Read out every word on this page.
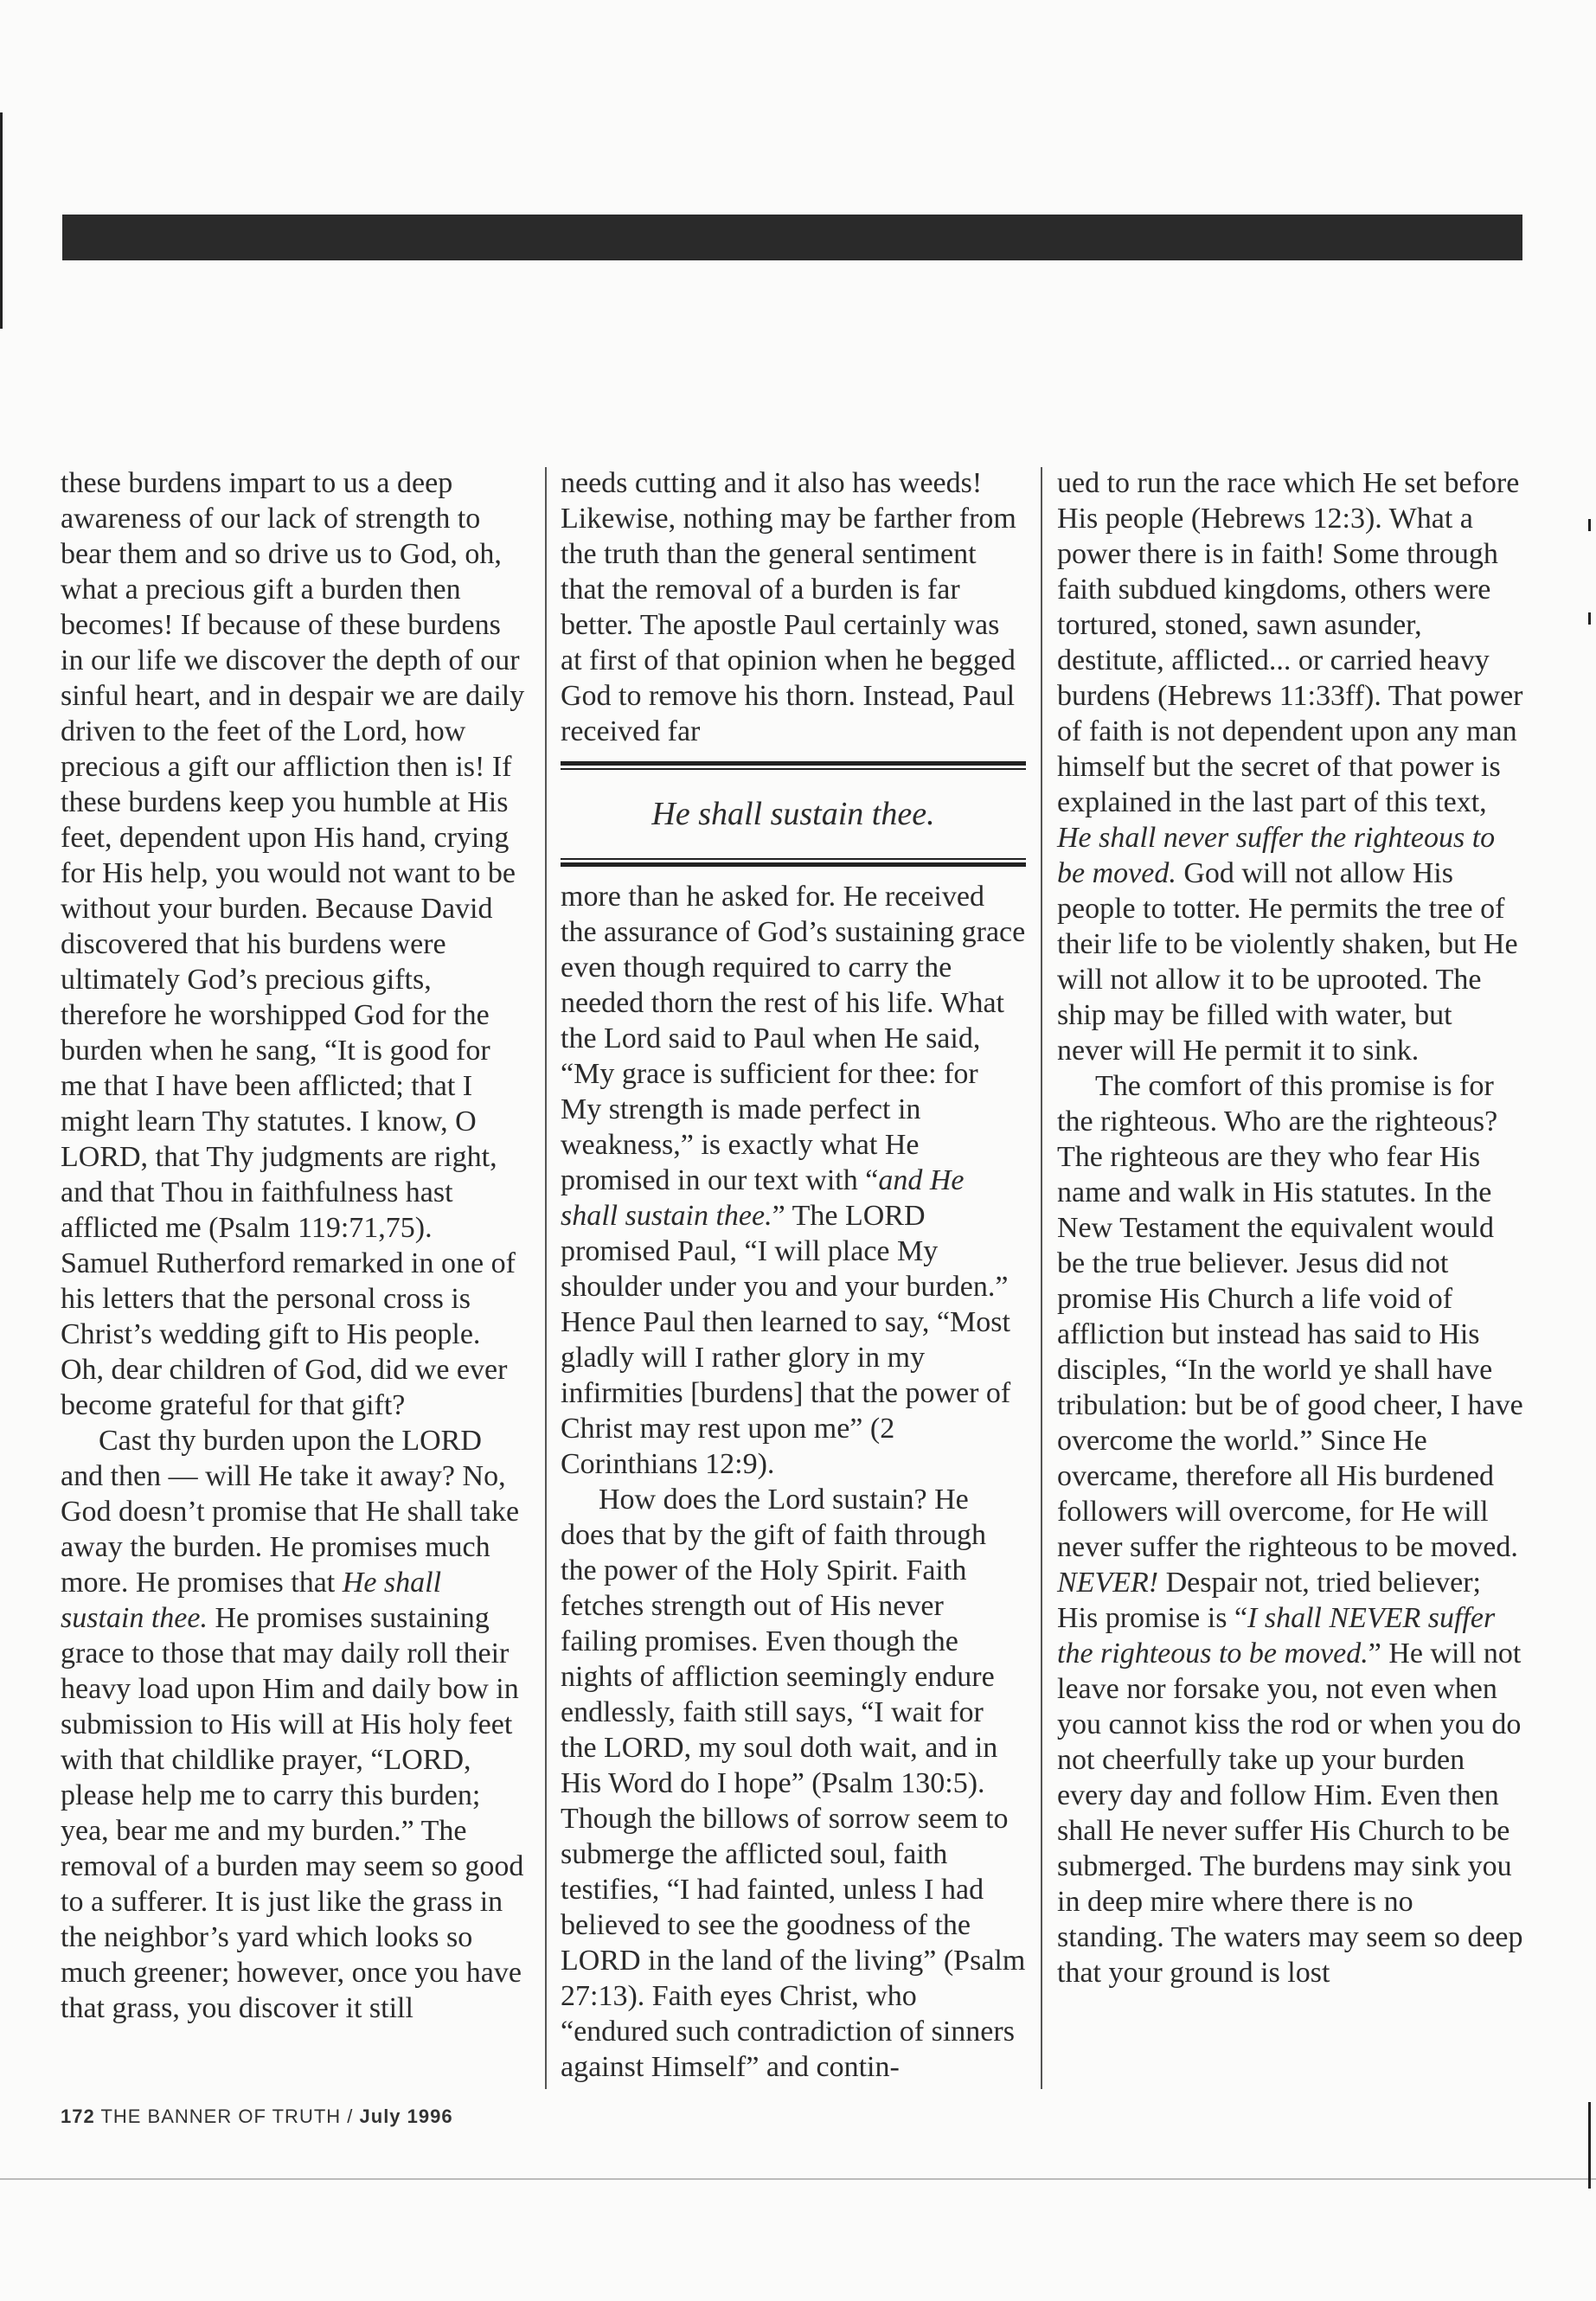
these burdens impart to us a deep awareness of our lack of strength to bear them and so drive us to God, oh, what a precious gift a burden then becomes! If because of these burdens in our life we discover the depth of our sinful heart, and in despair we are daily driven to the feet of the Lord, how precious a gift our affliction then is! If these burdens keep you humble at His feet, dependent upon His hand, crying for His help, you would not want to be without your burden. Because David discovered that his burdens were ultimately God’s precious gifts, therefore he worshipped God for the burden when he sang, “It is good for me that I have been afflicted; that I might learn Thy statutes. I know, O LORD, that Thy judgments are right, and that Thou in faithfulness hast afflicted me (Psalm 119:71,75). Samuel Rutherford remarked in one of his letters that the personal cross is Christ’s wedding gift to His people. Oh, dear children of God, did we ever become grateful for that gift?

Cast thy burden upon the LORD and then — will He take it away? No, God doesn’t promise that He shall take away the burden. He promises much more. He promises that He shall sustain thee. He promises sustaining grace to those that may daily roll their heavy load upon Him and daily bow in submission to His will at His holy feet with that childlike prayer, “LORD, please help me to carry this burden; yea, bear me and my burden.” The removal of a burden may seem so good to a sufferer. It is just like the grass in the neighbor’s yard which looks so much greener; however, once you have that grass, you discover it still

needs cutting and it also has weeds! Likewise, nothing may be farther from the truth than the general sentiment that the removal of a burden is far better. The apostle Paul certainly was at first of that opinion when he begged God to remove his thorn. Instead, Paul received far

He shall sustain thee.

more than he asked for. He received the assurance of God’s sustaining grace even though required to carry the needed thorn the rest of his life. What the Lord said to Paul when He said, “My grace is sufficient for thee: for My strength is made perfect in weakness,” is exactly what He promised in our text with “and He shall sustain thee.” The LORD promised Paul, “I will place My shoulder under you and your burden.” Hence Paul then learned to say, “Most gladly will I rather glory in my infirmities [burdens] that the power of Christ may rest upon me” (2 Corinthians 12:9).

How does the Lord sustain? He does that by the gift of faith through the power of the Holy Spirit. Faith fetches strength out of His never failing promises. Even though the nights of affliction seemingly endure endlessly, faith still says, “I wait for the LORD, my soul doth wait, and in His Word do I hope” (Psalm 130:5). Though the billows of sorrow seem to submerge the afflicted soul, faith testifies, “I had fainted, unless I had believed to see the goodness of the LORD in the land of the living” (Psalm 27:13). Faith eyes Christ, who “endured such contradiction of sinners against Himself” and contin-

ued to run the race which He set before His people (Hebrews 12:3). What a power there is in faith! Some through faith subdued kingdoms, others were tortured, stoned, sawn asunder, destitute, afflicted... or carried heavy burdens (Hebrews 11:33ff). That power of faith is not dependent upon any man himself but the secret of that power is explained in the last part of this text, He shall never suffer the righteous to be moved. God will not allow His people to totter. He permits the tree of their life to be violently shaken, but He will not allow it to be uprooted. The ship may be filled with water, but never will He permit it to sink.

The comfort of this promise is for the righteous. Who are the righteous? The righteous are they who fear His name and walk in His statutes. In the New Testament the equivalent would be the true believer. Jesus did not promise His Church a life void of affliction but instead has said to His disciples, “In the world ye shall have tribulation: but be of good cheer, I have overcome the world.” Since He overcame, therefore all His burdened followers will overcome, for He will never suffer the righteous to be moved. NEVER! Despair not, tried believer; His promise is “I shall NEVER suffer the righteous to be moved.” He will not leave nor forsake you, not even when you cannot kiss the rod or when you do not cheerfully take up your burden every day and follow Him. Even then shall He never suffer His Church to be submerged. The burdens may sink you in deep mire where there is no standing. The waters may seem so deep that your ground is lost

172 THE BANNER OF TRUTH / July 1996
